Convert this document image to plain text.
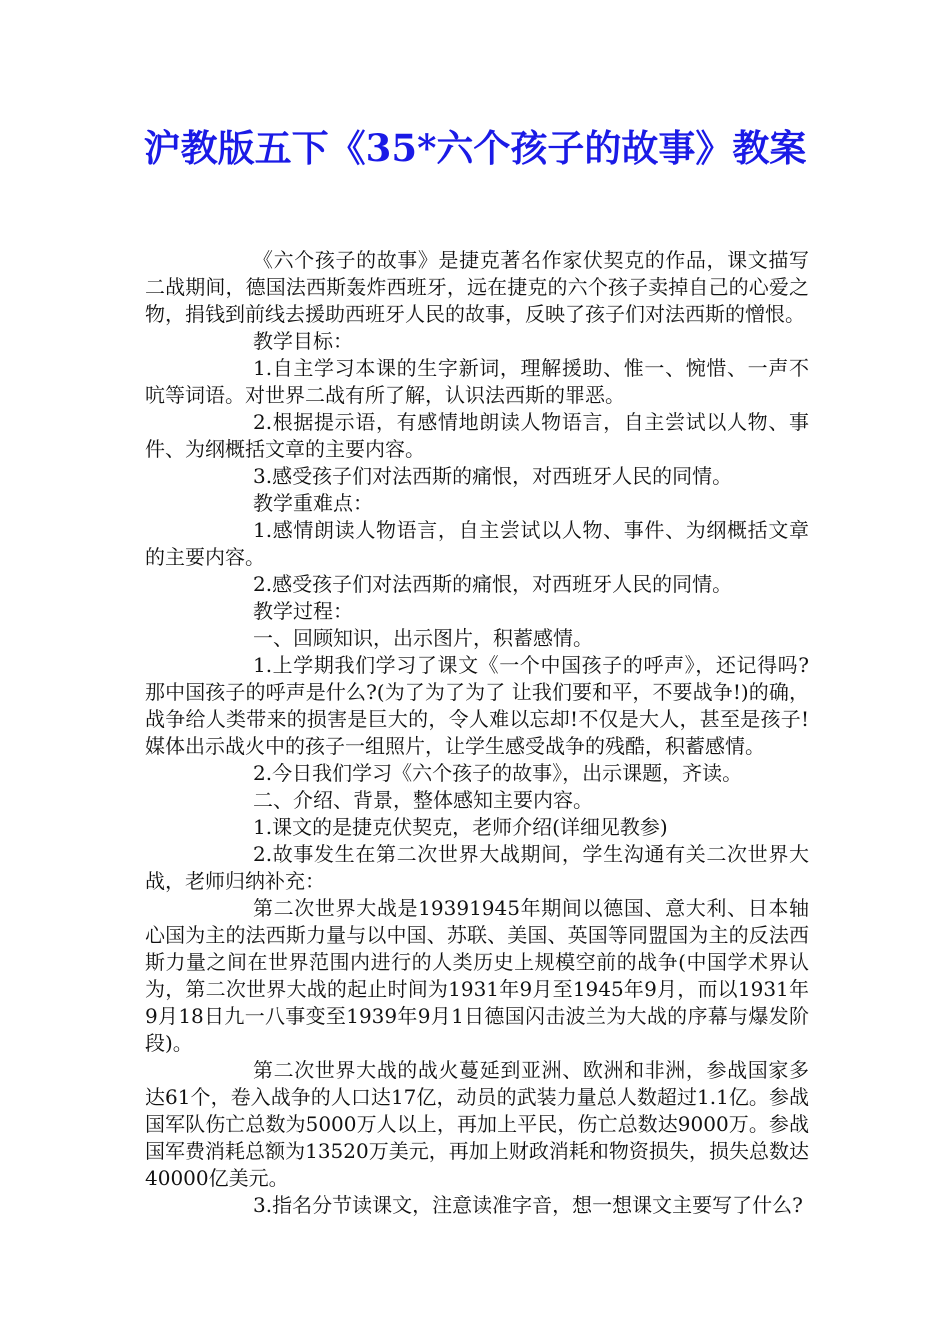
沪教版五下《35*六个孩子的故事》教案

《六个孩子的故事》是捷克著名作家伏契克的作品，课文描写二战期间，德国法西斯轰炸西班牙，远在捷克的六个孩子卖掉自己的心爱之物，捐钱到前线去援助西班牙人民的故事，反映了孩子们对法西斯的憎恨。

教学目标：

1.自主学习本课的生字新词，理解援助、惟一、惋惜、一声不吭等词语。对世界二战有所了解，认识法西斯的罪恶。

2.根据提示语，有感情地朗读人物语言，自主尝试以人物、事件、为纲概括文章的主要内容。

3.感受孩子们对法西斯的痛恨，对西班牙人民的同情。

教学重难点：

1.感情朗读人物语言，自主尝试以人物、事件、为纲概括文章的主要内容。

2.感受孩子们对法西斯的痛恨，对西班牙人民的同情。

教学过程：

一、回顾知识，出示图片，积蓄感情。

1.上学期我们学习了课文《一个中国孩子的呼声》，还记得吗?那中国孩子的呼声是什么?(为了为了为了 让我们要和平，不要战争!)的确，战争给人类带来的损害是巨大的，令人难以忘却!不仅是大人，甚至是孩子!媒体出示战火中的孩子一组照片，让学生感受战争的残酷，积蓄感情。

2.今日我们学习《六个孩子的故事》，出示课题，齐读。

二、介绍、背景，整体感知主要内容。

1.课文的是捷克伏契克，老师介绍(详细见教参)

2.故事发生在第二次世界大战期间，学生沟通有关二次世界大战，老师归纳补充：

第二次世界大战是19391945年期间以德国、意大利、日本轴心国为主的法西斯力量与以中国、苏联、美国、英国等同盟国为主的反法西斯力量之间在世界范围内进行的人类历史上规模空前的战争(中国学术界认为，第二次世界大战的起止时间为1931年9月至1945年9月，而以1931年9月18日九一八事变至1939年9月1日德国闪击波兰为大战的序幕与爆发阶段)。

第二次世界大战的战火蔓延到亚洲、欧洲和非洲，参战国家多达61个，卷入战争的人口达17亿，动员的武装力量总人数超过1.1亿。参战国军队伤亡总数为5000万人以上，再加上平民，伤亡总数达9000万。参战国军费消耗总额为13520万美元，再加上财政消耗和物资损失，损失总数达40000亿美元。

3.指名分节读课文，注意读准字音，想一想课文主要写了什么?
